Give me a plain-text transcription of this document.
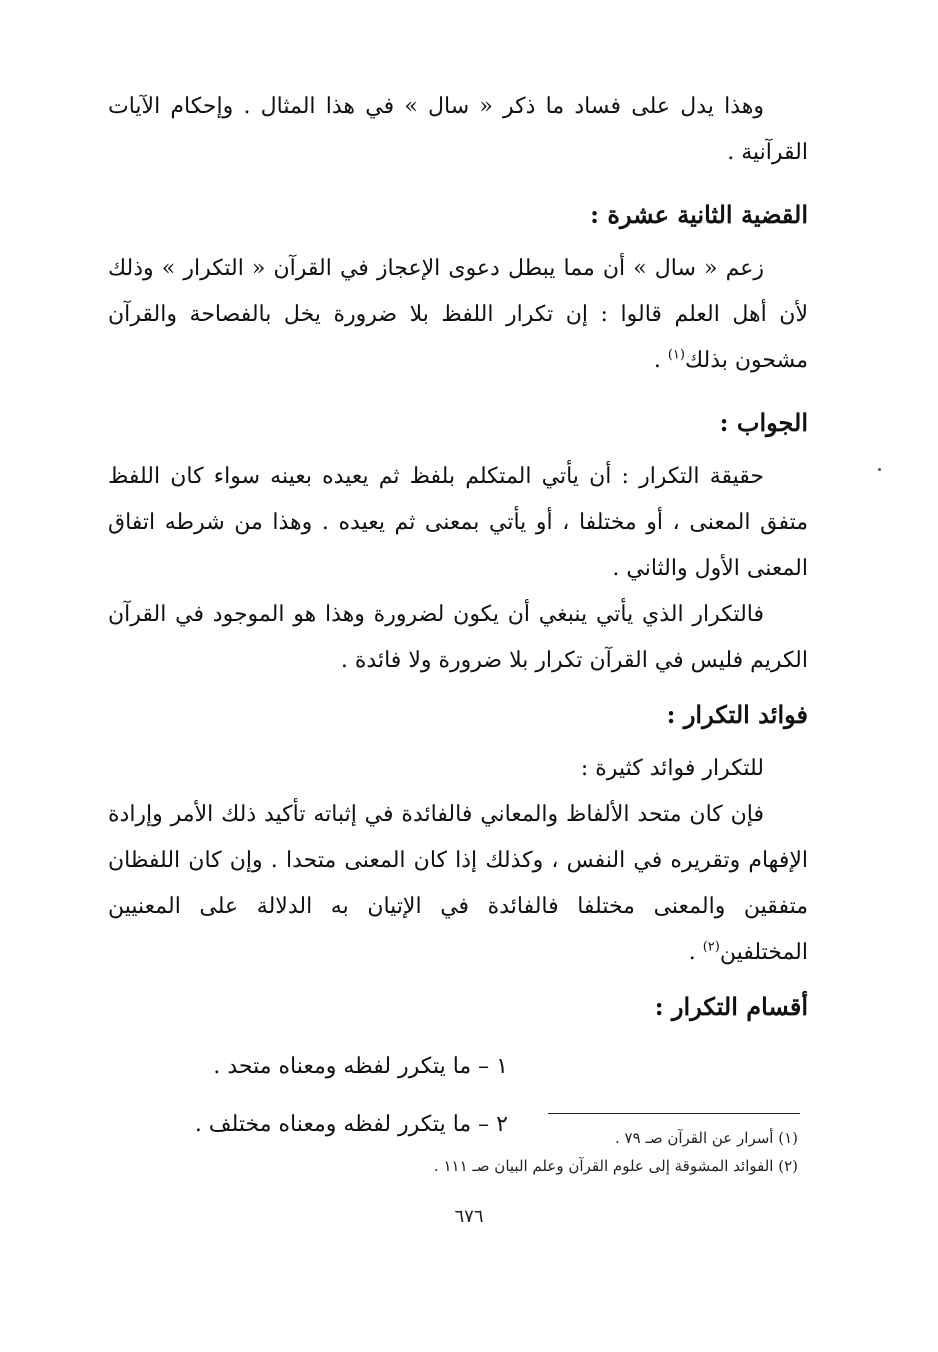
وهذا يدل على فساد ما ذكر « سال » في هذا المثال . وإحكام الآيات القرآنية .

القضية الثانية عشرة :

زعم « سال » أن مما يبطل دعوى الإعجاز في القرآن « التكرار » وذلك لأن أهل العلم قالوا : إن تكرار اللفظ بلا ضرورة يخل بالفصاحة والقرآن مشحون بذلك$^{(١)}$ .

الجواب :

حقيقة التكرار : أن يأتي المتكلم بلفظ ثم يعيده بعينه سواء كان اللفظ متفق المعنى ، أو مختلفا ، أو يأتي بمعنى ثم يعيده . وهذا من شرطه اتفاق المعنى الأول والثاني .

فالتكرار الذي يأتي ينبغي أن يكون لضرورة وهذا هو الموجود في القرآن الكريم فليس في القرآن تكرار بلا ضرورة ولا فائدة .

فوائد التكرار :

للتكرار فوائد كثيرة :

فإن كان متحد الألفاظ والمعاني فالفائدة في إثباته تأكيد ذلك الأمر وإرادة الإفهام وتقريره في النفس ، وكذلك إذا كان المعنى متحدا . وإن كان اللفظان متفقين والمعنى مختلفا فالفائدة في الإتيان به الدلالة على المعنيين المختلفين$^{(٢)}$ .

أقسام التكرار :

١ – ما يتكرر لفظه ومعناه متحد .

٢ – ما يتكرر لفظه ومعناه مختلف .

(١) أسرار عن القرآن صـ ٧٩ .
(٢) الفوائد المشوقة إلى علوم القرآن وعلم البيان صـ ١١١ .
٦٧٦
